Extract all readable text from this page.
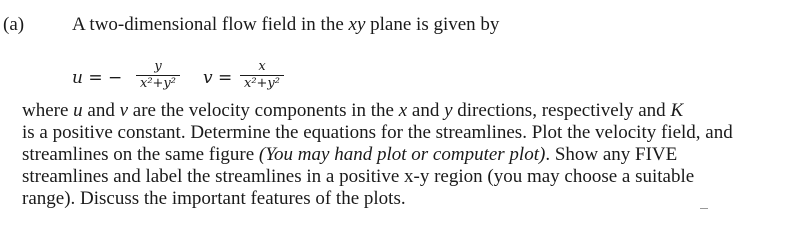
(a)	A two-dimensional flow field in the xy plane is given by
u = −
y
x²+y² v =
x
x²+y²
where u and v are the velocity components in the x and y directions, respectively and K
is a positive constant. Determine the equations for the streamlines. Plot the velocity field, and
streamlines on the same figure (You may hand plot or computer plot). Show any FIVE
streamlines and label the streamlines in a positive x-y region (you may choose a suitable
range). Discuss the important features of the plots.
